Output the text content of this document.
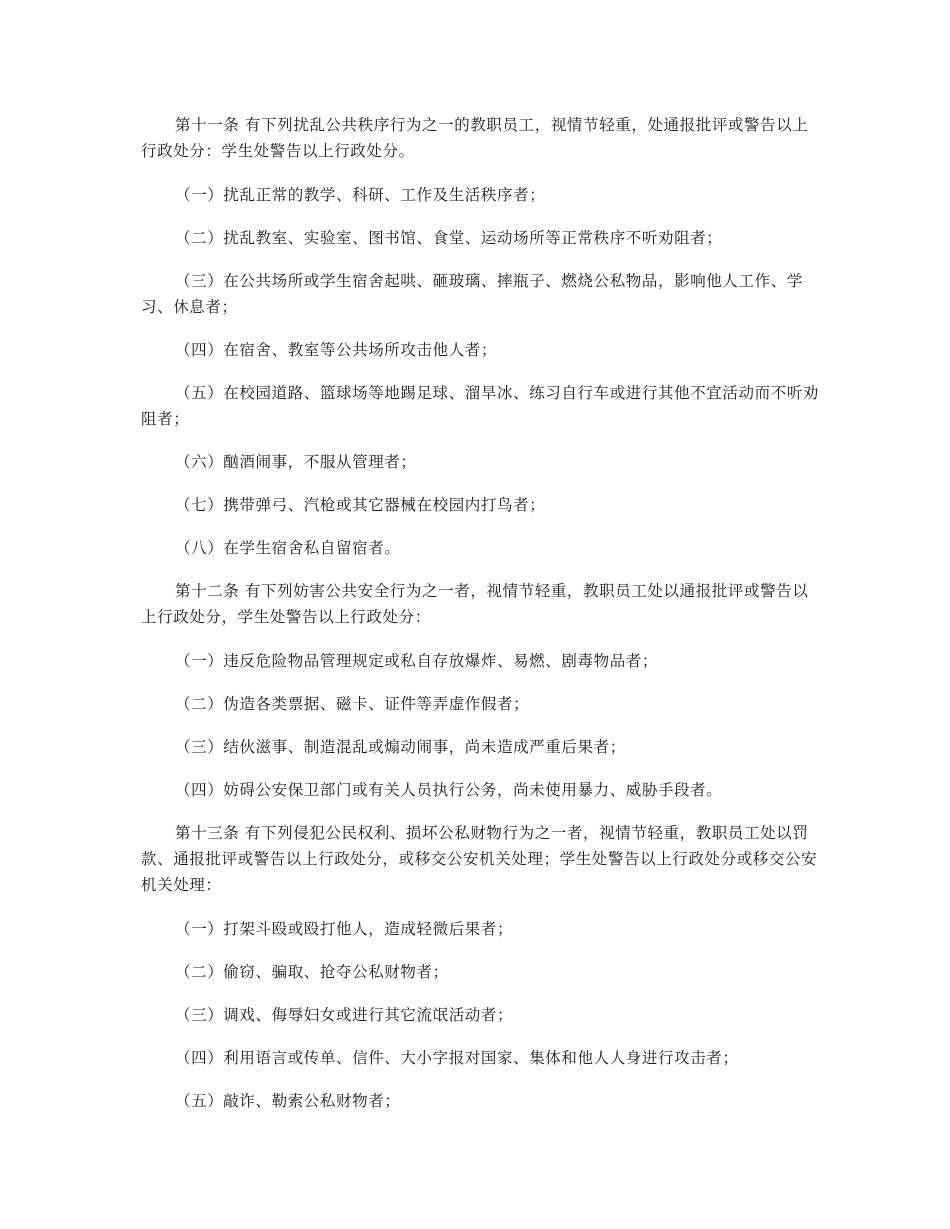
第十一条 有下列扰乱公共秩序行为之一的教职员工，视情节轻重，处通报批评或警告以上行政处分：学生处警告以上行政处分。

（一）扰乱正常的教学、科研、工作及生活秩序者；

（二）扰乱教室、实验室、图书馆、食堂、运动场所等正常秩序不听劝阻者；

（三）在公共场所或学生宿舍起哄、砸玻璃、摔瓶子、燃烧公私物品，影响他人工作、学习、休息者；

（四）在宿舍、教室等公共场所攻击他人者；

（五）在校园道路、篮球场等地踢足球、溜旱冰、练习自行车或进行其他不宜活动而不听劝阻者；

（六）酗酒闹事，不服从管理者；

（七）携带弹弓、汽枪或其它器械在校园内打鸟者；

（八）在学生宿舍私自留宿者。

第十二条 有下列妨害公共安全行为之一者，视情节轻重，教职员工处以通报批评或警告以上行政处分，学生处警告以上行政处分：

（一）违反危险物品管理规定或私自存放爆炸、易燃、剧毒物品者；

（二）伪造各类票据、磁卡、证件等弄虚作假者；

（三）结伙滋事、制造混乱或煽动闹事，尚未造成严重后果者；

（四）妨碍公安保卫部门或有关人员执行公务，尚未使用暴力、威胁手段者。

第十三条 有下列侵犯公民权利、损坏公私财物行为之一者，视情节轻重，教职员工处以罚款、通报批评或警告以上行政处分，或移交公安机关处理；学生处警告以上行政处分或移交公安机关处理：

（一）打架斗殴或殴打他人，造成轻微后果者；

（二）偷窃、骗取、抢夺公私财物者；

（三）调戏、侮辱妇女或进行其它流氓活动者；

（四）利用语言或传单、信件、大小字报对国家、集体和他人人身进行攻击者；

（五）敲诈、勒索公私财物者；
